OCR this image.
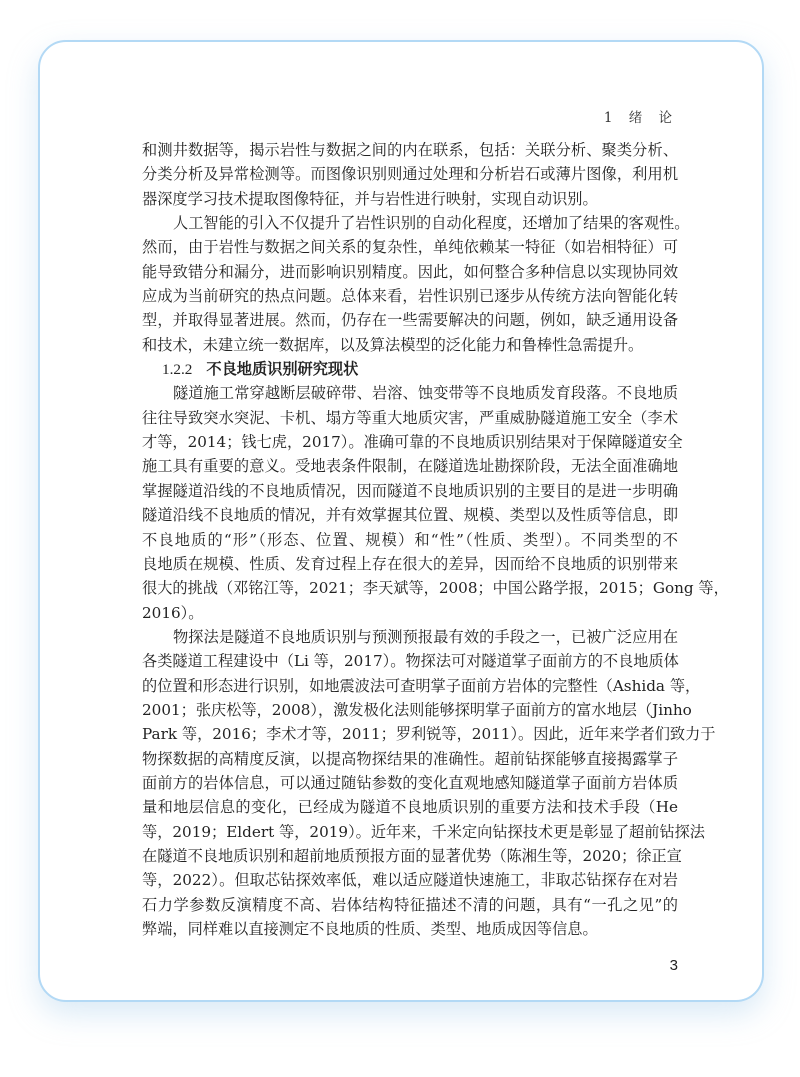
1 绪 论
和测井数据等，揭示岩性与数据之间的内在联系，包括：关联分析、聚类分析、
分类分析及异常检测等。而图像识别则通过处理和分析岩石或薄片图像，利用机
器深度学习技术提取图像特征，并与岩性进行映射，实现自动识别。
人工智能的引入不仅提升了岩性识别的自动化程度，还增加了结果的客观性。
然而，由于岩性与数据之间关系的复杂性，单纯依赖某一特征（如岩相特征）可
能导致错分和漏分，进而影响识别精度。因此，如何整合多种信息以实现协同效
应成为当前研究的热点问题。总体来看，岩性识别已逐步从传统方法向智能化转
型，并取得显著进展。然而，仍存在一些需要解决的问题，例如，缺乏通用设备
和技术，未建立统一数据库，以及算法模型的泛化能力和鲁棒性急需提升。
1.2.2 不良地质识别研究现状
隧道施工常穿越断层破碎带、岩溶、蚀变带等不良地质发育段落。不良地质
往往导致突水突泥、卡机、塌方等重大地质灾害，严重威胁隧道施工安全（李术
才等，2014；钱七虎，2017）。准确可靠的不良地质识别结果对于保障隧道安全
施工具有重要的意义。受地表条件限制，在隧道选址勘探阶段，无法全面准确地
掌握隧道沿线的不良地质情况，因而隧道不良地质识别的主要目的是进一步明确
隧道沿线不良地质的情况，并有效掌握其位置、规模、类型以及性质等信息，即
不良地质的“形”（形态、位置、规模）和“性”（性质、类型）。不同类型的不
良地质在规模、性质、发育过程上存在很大的差异，因而给不良地质的识别带来
很大的挑战（邓铭江等，2021；李天斌等，2008；中国公路学报，2015；Gong 等，
2016）。
物探法是隧道不良地质识别与预测预报最有效的手段之一，已被广泛应用在
各类隧道工程建设中（Li 等，2017）。物探法可对隧道掌子面前方的不良地质体
的位置和形态进行识别，如地震波法可查明掌子面前方岩体的完整性（Ashida 等，
2001；张庆松等，2008），激发极化法则能够探明掌子面前方的富水地层（Jinho
Park 等，2016；李术才等，2011；罗利锐等，2011）。因此，近年来学者们致力于
物探数据的高精度反演，以提高物探结果的准确性。超前钻探能够直接揭露掌子
面前方的岩体信息，可以通过随钻参数的变化直观地感知隧道掌子面前方岩体质
量和地层信息的变化，已经成为隧道不良地质识别的重要方法和技术手段（He
等，2019；Eldert 等，2019）。近年来，千米定向钻探技术更是彰显了超前钻探法
在隧道不良地质识别和超前地质预报方面的显著优势（陈湘生等，2020；徐正宣
等，2022）。但取芯钻探效率低，难以适应隧道快速施工，非取芯钻探存在对岩
石力学参数反演精度不高、岩体结构特征描述不清的问题，具有“一孔之见”的
弊端，同样难以直接测定不良地质的性质、类型、地质成因等信息。
3
